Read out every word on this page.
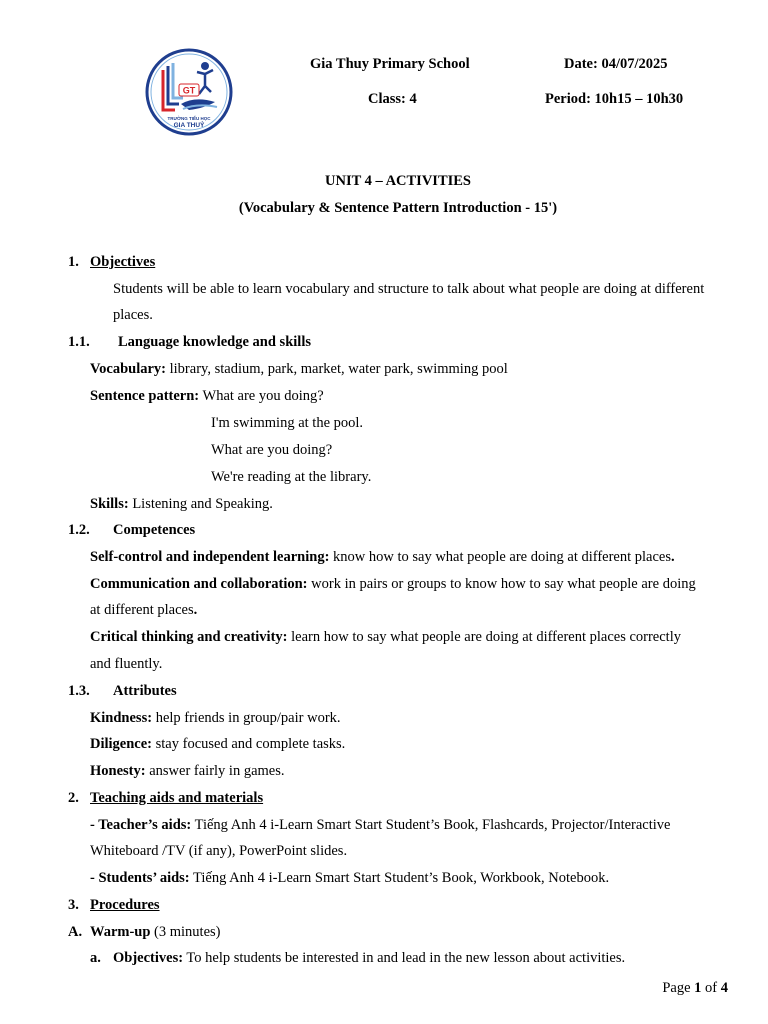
GT
TRƯỜNG TIỂU HỌC
GIA THUỶ
Gia Thuy Primary School	Date: 04/07/2025
Class: 4	Period: 10h15 – 10h30
UNIT 4 – ACTIVITIES
(Vocabulary & Sentence Pattern Introduction - 15')
1. Objectives
Students will be able to learn vocabulary and structure to talk about what people are doing at different
places.
1.1. Language knowledge and skills
Vocabulary: library, stadium, park, market, water park, swimming pool
Sentence pattern: What are you doing?
I'm swimming at the pool.
What are you doing?
We're reading at the library.
Skills: Listening and Speaking.
1.2. Competences
Self-control and independent learning: know how to say what people are doing at different places.
Communication and collaboration: work in pairs or groups to know how to say what people are doing
at different places.
Critical thinking and creativity: learn how to say what people are doing at different places correctly
and fluently.
1.3. Attributes
Kindness: help friends in group/pair work.
Diligence: stay focused and complete tasks.
Honesty: answer fairly in games.
2. Teaching aids and materials
- Teacher’s aids: Tiếng Anh 4 i-Learn Smart Start Student’s Book, Flashcards, Projector/Interactive
Whiteboard /TV (if any), PowerPoint slides.
- Students’ aids: Tiếng Anh 4 i-Learn Smart Start Student’s Book, Workbook, Notebook.
3. Procedures
A. Warm-up (3 minutes)
a. Objectives: To help students be interested in and lead in the new lesson about activities.
Page 1 of 4
